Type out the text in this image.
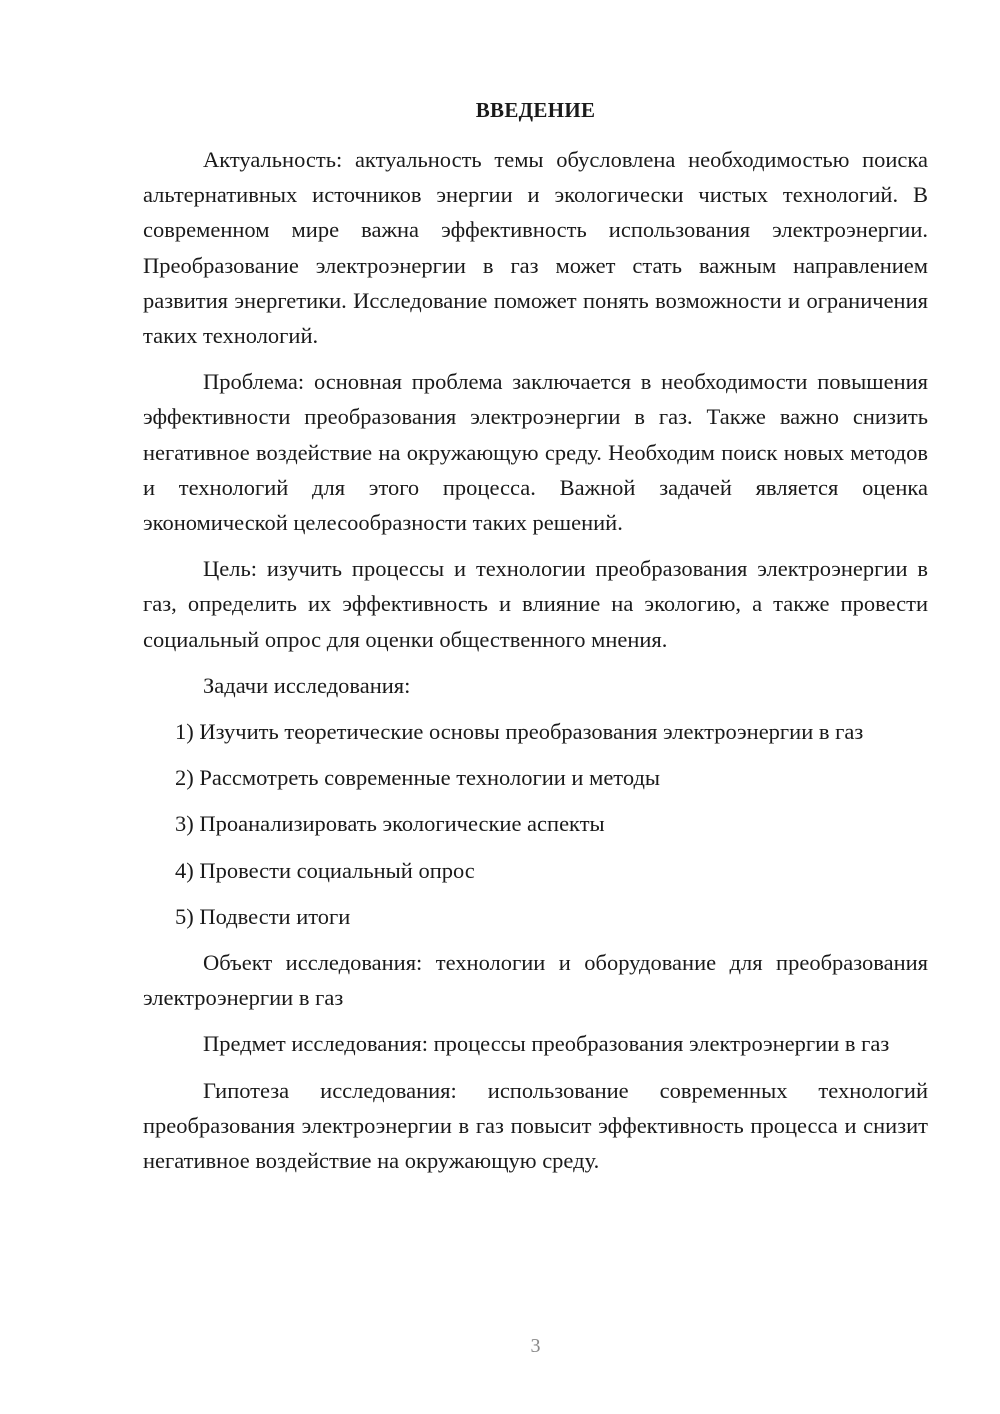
ВВЕДЕНИЕ

Актуальность: актуальность темы обусловлена необходимостью поиска альтернативных источников энергии и экологически чистых технологий. В современном мире важна эффективность использования электроэнергии. Преобразование электроэнергии в газ может стать важным направлением развития энергетики. Исследование поможет понять возможности и ограничения таких технологий.

Проблема: основная проблема заключается в необходимости повышения эффективности преобразования электроэнергии в газ. Также важно снизить негативное воздействие на окружающую среду. Необходим поиск новых методов и технологий для этого процесса. Важной задачей является оценка экономической целесообразности таких решений.

Цель: изучить процессы и технологии преобразования электроэнергии в газ, определить их эффективность и влияние на экологию, а также провести социальный опрос для оценки общественного мнения.

Задачи исследования:

1) Изучить теоретические основы преобразования электроэнергии в газ

2) Рассмотреть современные технологии и методы

3) Проанализировать экологические аспекты

4) Провести социальный опрос

5) Подвести итоги

Объект исследования: технологии и оборудование для преобразования электроэнергии в газ

Предмет исследования: процессы преобразования электроэнергии в газ

Гипотеза исследования: использование современных технологий преобразования электроэнергии в газ повысит эффективность процесса и снизит негативное воздействие на окружающую среду.

3
